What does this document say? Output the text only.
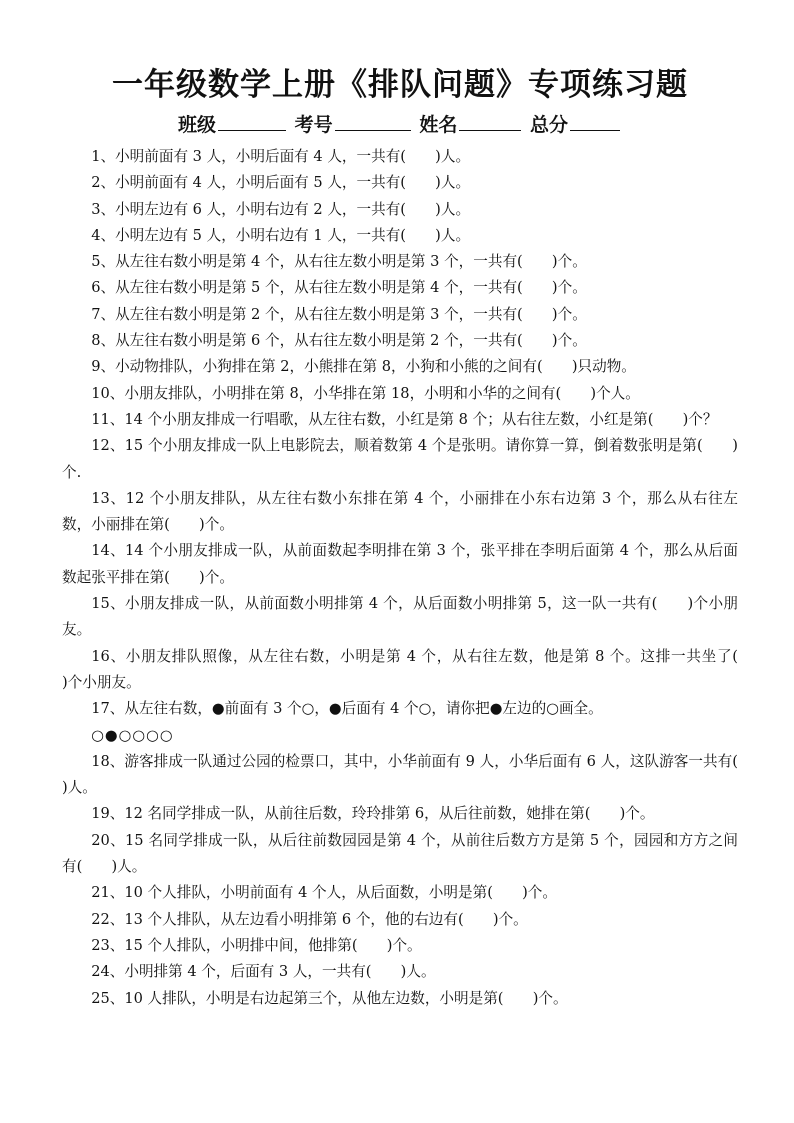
一年级数学上册《排队问题》专项练习题
班级	考号	姓名	总分

1、小明前面有 3 人，小明后面有 4 人，一共有(　　)人。

2、小明前面有 4 人，小明后面有 5 人，一共有(　　)人。

3、小明左边有 6 人，小明右边有 2 人，一共有(　　)人。

4、小明左边有 5 人，小明右边有 1 人，一共有(　　)人。

5、从左往右数小明是第 4 个，从右往左数小明是第 3 个，一共有(　　)个。

6、从左往右数小明是第 5 个，从右往左数小明是第 4 个，一共有(　　)个。

7、从左往右数小明是第 2 个，从右往左数小明是第 3 个，一共有(　　)个。

8、从左往右数小明是第 6 个，从右往左数小明是第 2 个，一共有(　　)个。

9、小动物排队，小狗排在第 2，小熊排在第 8，小狗和小熊的之间有(　　)只动物。

10、小朋友排队，小明排在第 8，小华排在第 18，小明和小华的之间有(　　)个人。

11、14 个小朋友排成一行唱歌，从左往右数，小红是第 8 个；从右往左数，小红是第(　　)个？

12、15 个小朋友排成一队上电影院去，顺着数第 4 个是张明。请你算一算，倒着数张明是第(　　)个.

13、12 个小朋友排队，从左往右数小东排在第 4 个，小丽排在小东右边第 3 个，那么从右往左数，小丽排在第(　　)个。

14、14 个小朋友排成一队，从前面数起李明排在第 3 个，张平排在李明后面第 4 个，那么从后面数起张平排在第(　　)个。

15、小朋友排成一队，从前面数小明排第 4 个，从后面数小明排第 5，这一队一共有(　　)个小朋友。

16、小朋友排队照像，从左往右数，小明是第 4 个，从右往左数，他是第 8 个。这排一共坐了(　　)个小朋友。

17、从左往右数，●前面有 3 个○，●后面有 4 个○，请你把●左边的○画全。

○●○○○○

18、游客排成一队通过公园的检票口，其中，小华前面有 9 人，小华后面有 6 人，这队游客一共有(　　)人。

19、12 名同学排成一队，从前往后数，玲玲排第 6，从后往前数，她排在第(　　)个。

20、15 名同学排成一队，从后往前数园园是第 4 个，从前往后数方方是第 5 个，园园和方方之间有(　　)人。

21、10 个人排队，小明前面有 4 个人，从后面数，小明是第(　　)个。

22、13 个人排队，从左边看小明排第 6 个，他的右边有(　　)个。

23、15 个人排队，小明排中间，他排第(　　)个。

24、小明排第 4 个，后面有 3 人，一共有(　　)人。

25、10 人排队，小明是右边起第三个，从他左边数，小明是第(　　)个。
